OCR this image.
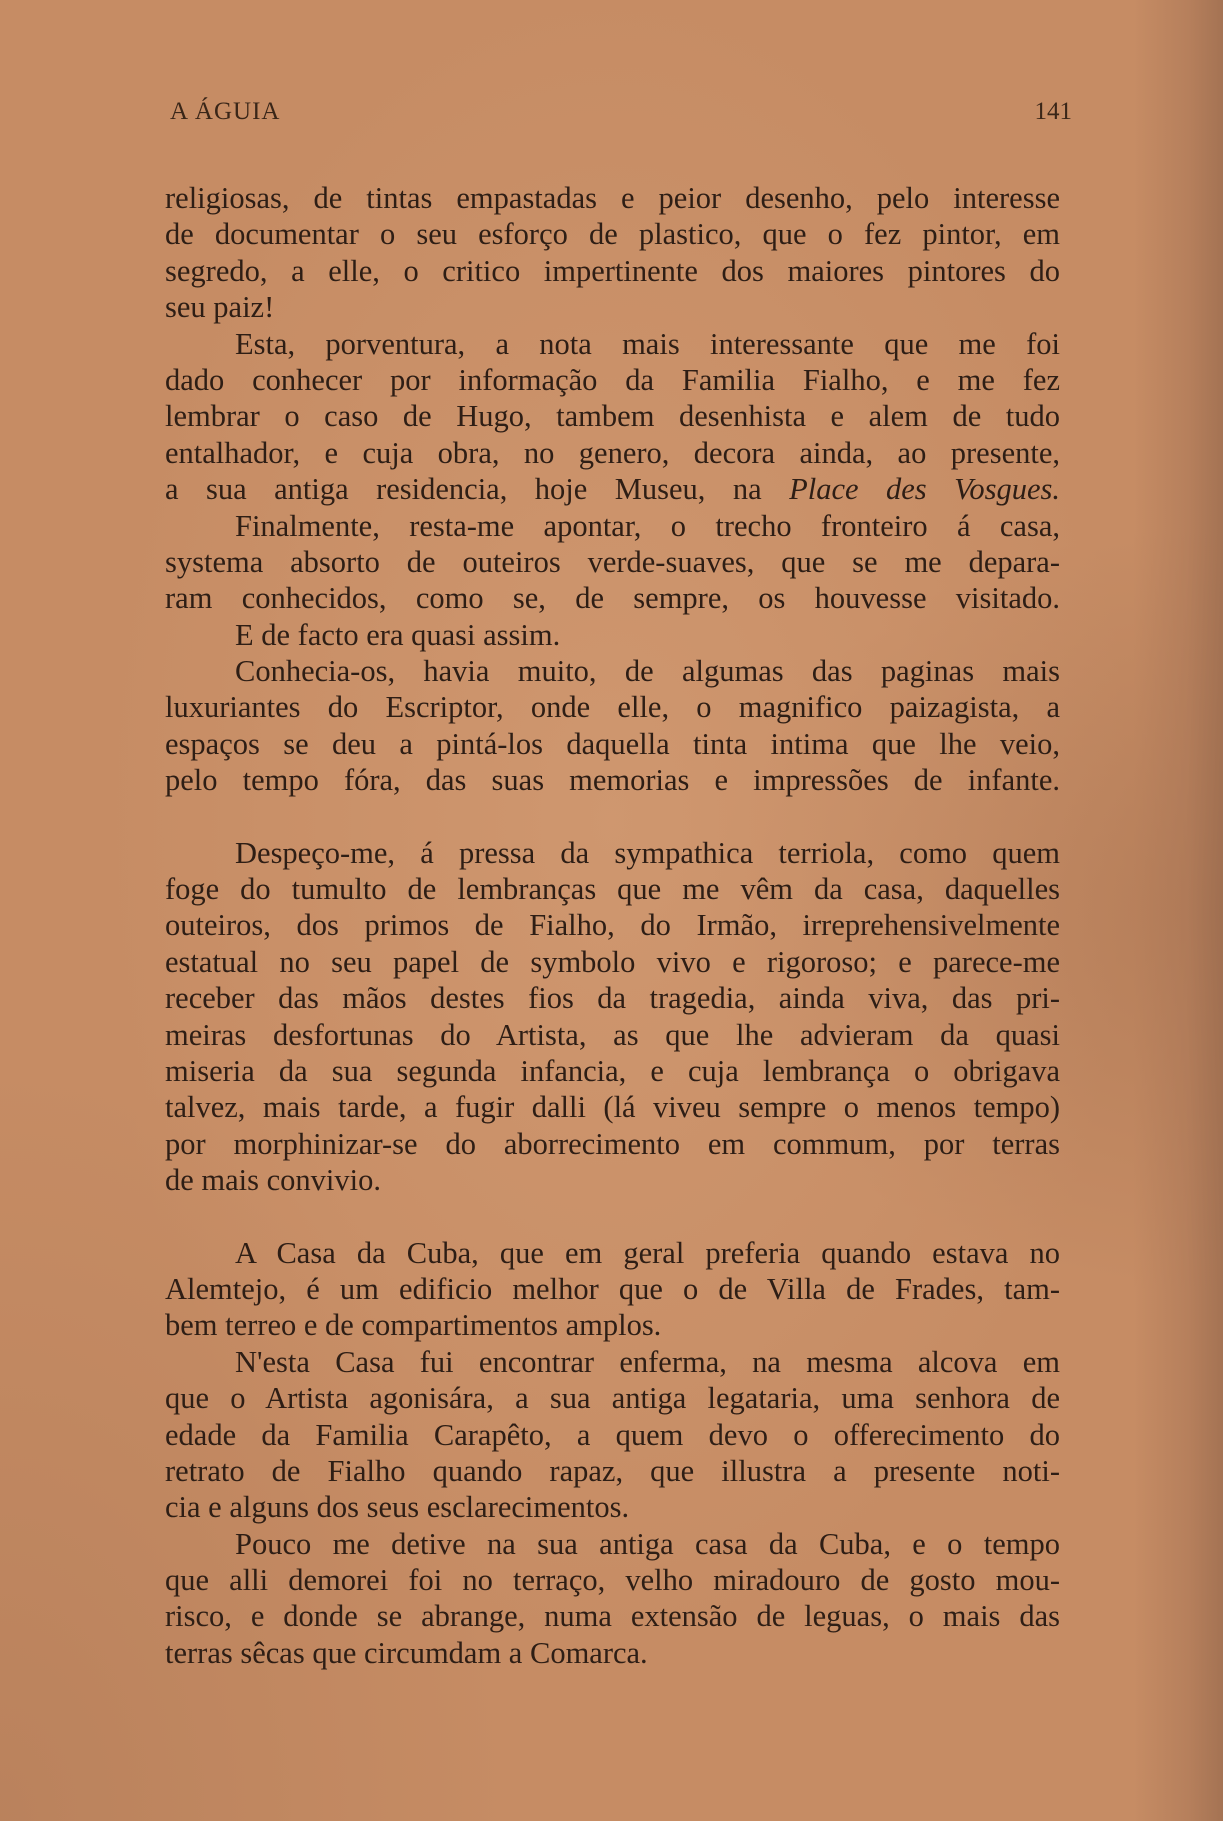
A ÁGUIA	141
religiosas, de tintas empastadas e peior desenho, pelo interesse
de documentar o seu esforço de plastico, que o fez pintor, em
segredo, a elle, o critico impertinente dos maiores pintores do
seu paiz!
Esta, porventura, a nota mais interessante que me foi
dado conhecer por informação da Familia Fialho, e me fez
lembrar o caso de Hugo, tambem desenhista e alem de tudo
entalhador, e cuja obra, no genero, decora ainda, ao presente,
a sua antiga residencia, hoje Museu, na Place des Vosgues.
Finalmente, resta-me apontar, o trecho fronteiro á casa,
systema absorto de outeiros verde-suaves, que se me depara-
ram conhecidos, como se, de sempre, os houvesse visitado.
E de facto era quasi assim.
Conhecia-os, havia muito, de algumas das paginas mais
luxuriantes do Escriptor, onde elle, o magnifico paizagista, a
espaços se deu a pintá-los daquella tinta intima que lhe veio,
pelo tempo fóra, das suas memorias e impressões de infante.
Despeço-me, á pressa da sympathica terriola, como quem
foge do tumulto de lembranças que me vêm da casa, daquelles
outeiros, dos primos de Fialho, do Irmão, irreprehensivelmente
estatual no seu papel de symbolo vivo e rigoroso; e parece-me
receber das mãos destes fios da tragedia, ainda viva, das pri-
meiras desfortunas do Artista, as que lhe advieram da quasi
miseria da sua segunda infancia, e cuja lembrança o obrigava
talvez, mais tarde, a fugir dalli (lá viveu sempre o menos tempo)
por morphinizar-se do aborrecimento em commum, por terras
de mais convivio.
A Casa da Cuba, que em geral preferia quando estava no
Alemtejo, é um edificio melhor que o de Villa de Frades, tam-
bem terreo e de compartimentos amplos.
N'esta Casa fui encontrar enferma, na mesma alcova em
que o Artista agonisára, a sua antiga legataria, uma senhora de
edade da Familia Carapêto, a quem devo o offerecimento do
retrato de Fialho quando rapaz, que illustra a presente noti-
cia e alguns dos seus esclarecimentos.
Pouco me detive na sua antiga casa da Cuba, e o tempo
que alli demorei foi no terraço, velho miradouro de gosto mou-
risco, e donde se abrange, numa extensão de leguas, o mais das
terras sêcas que circumdam a Comarca.
